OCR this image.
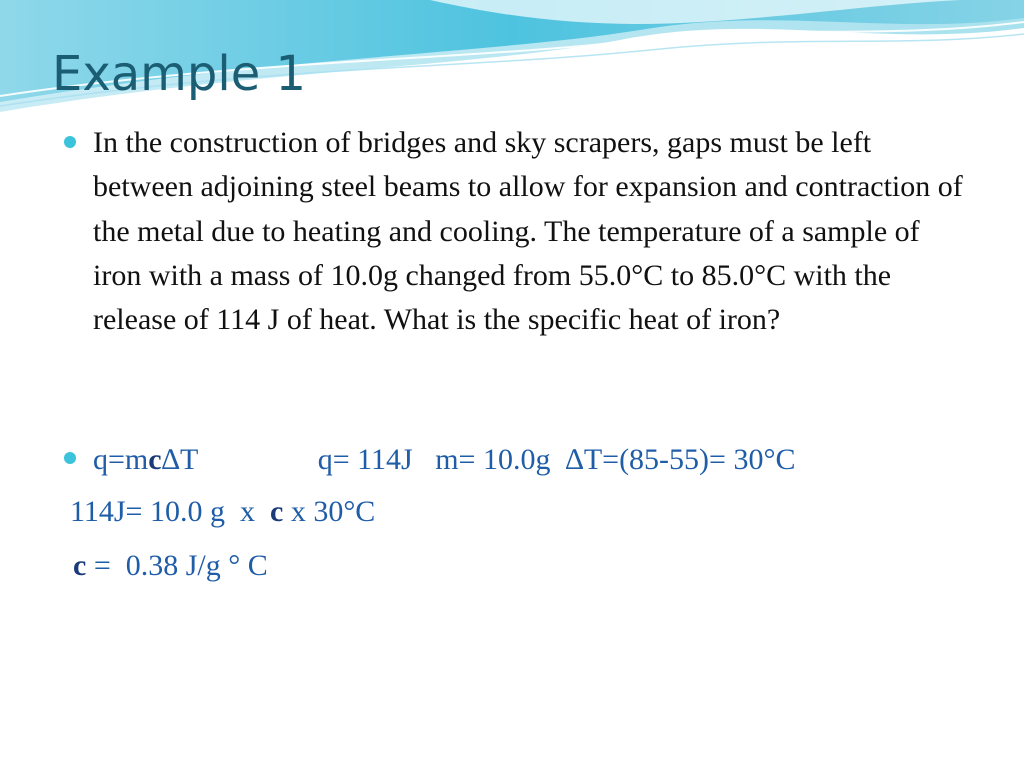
Example 1

In the construction of bridges and sky scrapers, gaps must be left between adjoining steel beams to allow for expansion and contraction of the metal due to heating and cooling. The temperature of a sample of iron with a mass of 10.0g changed from 55.0°C to 85.0°C with the release of 114 J of heat. What is the specific heat of iron?

q=mc∆T                q= 114J   m= 10.0g  ∆T=(85-55)= 30°C

114J= 10.0 g  x  c x 30°C

c =  0.38 J/g ° C
